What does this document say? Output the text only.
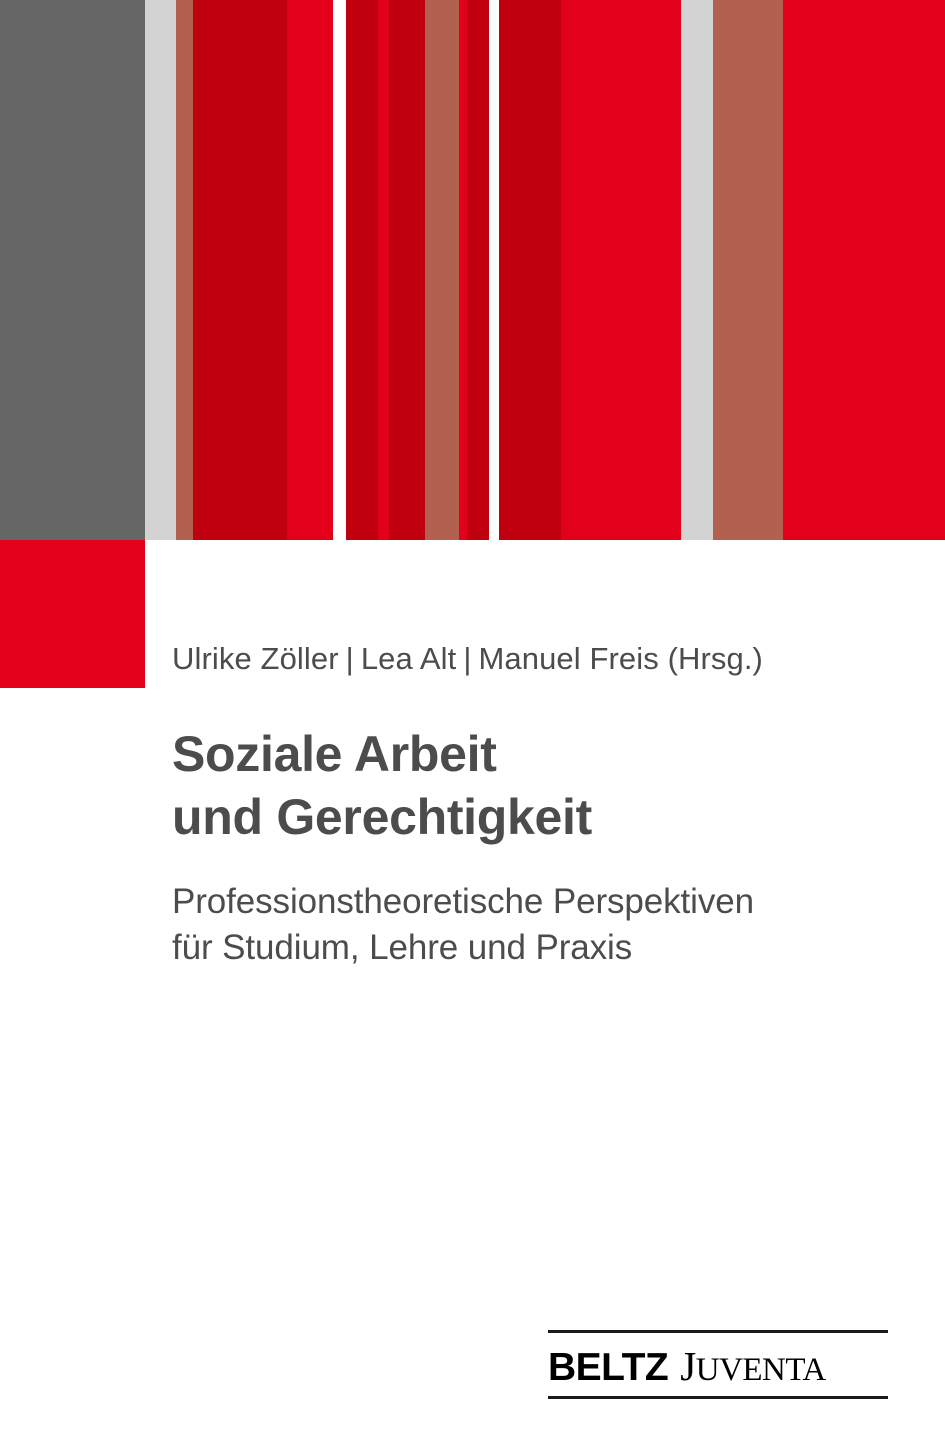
Ulrike Zöller | Lea Alt | Manuel Freis (Hrsg.)
Soziale Arbeit
und Gerechtigkeit
Professionstheoretische Perspektiven
für Studium, Lehre und Praxis
BELTZ JUVENTA
